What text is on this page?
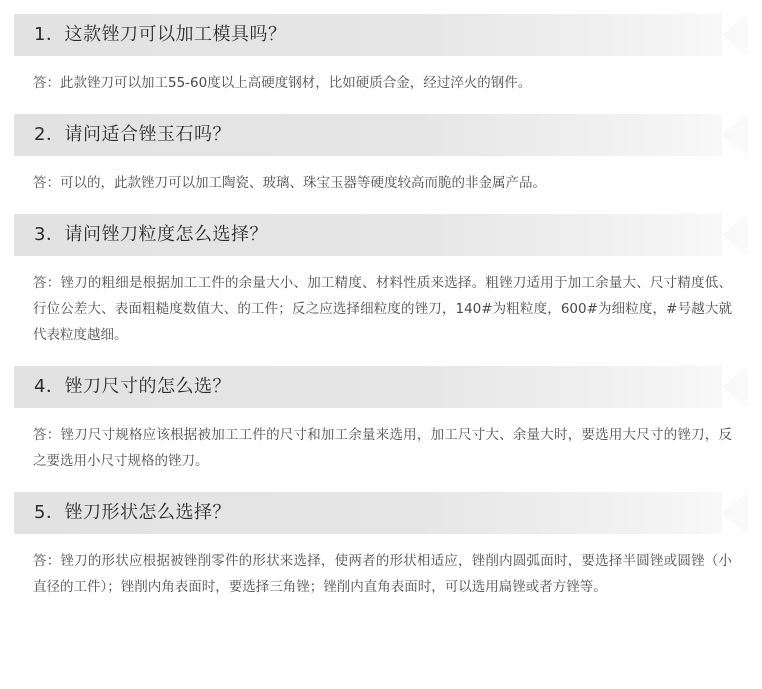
1．这款锉刀可以加工模具吗？

答：此款锉刀可以加工55-60度以上高硬度钢材，比如硬质合金，经过淬火的钢件。

2．请问适合锉玉石吗？

答：可以的，此款锉刀可以加工陶瓷、玻璃、珠宝玉器等硬度较高而脆的非金属产品。

3．请问锉刀粒度怎么选择？

答：锉刀的粗细是根据加工工件的余量大小、加工精度、材料性质来选择。粗锉刀适用于加工余量大、尺寸精度低、行位公差大、表面粗糙度数值大、的工件；反之应选择细粒度的锉刀，140#为粗粒度，600#为细粒度，#号越大就代表粒度越细。

4．锉刀尺寸的怎么选？

答：锉刀尺寸规格应该根据被加工工件的尺寸和加工余量来选用，加工尺寸大、余量大时，要选用大尺寸的锉刀，反之要选用小尺寸规格的锉刀。

5．锉刀形状怎么选择？

答：锉刀的形状应根据被锉削零件的形状来选择，使两者的形状相适应，锉削内圆弧面时，要选择半圆锉或圆锉（小直径的工件）；锉削内角表面时，要选择三角锉；锉削内直角表面时，可以选用扁锉或者方锉等。
